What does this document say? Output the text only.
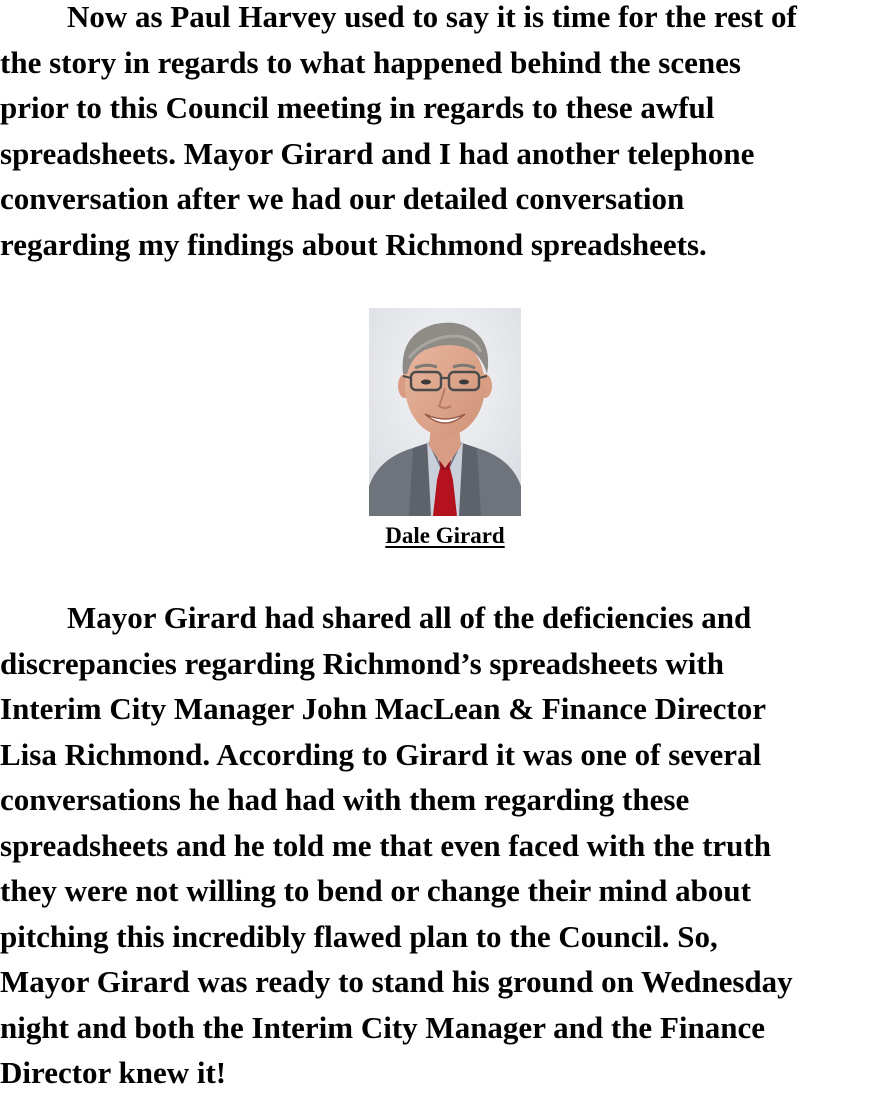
Now as Paul Harvey used to say it is time for the rest of
the story in regards to what happened behind the scenes
prior to this Council meeting in regards to these awful
spreadsheets. Mayor Girard and I had another telephone
conversation after we had our detailed conversation
regarding my findings about Richmond spreadsheets.

Dale Girard

Mayor Girard had shared all of the deficiencies and
discrepancies regarding Richmond’s spreadsheets with
Interim City Manager John MacLean & Finance Director
Lisa Richmond. According to Girard it was one of several
conversations he had had with them regarding these
spreadsheets and he told me that even faced with the truth
they were not willing to bend or change their mind about
pitching this incredibly flawed plan to the Council. So,
Mayor Girard was ready to stand his ground on Wednesday
night and both the Interim City Manager and the Finance
Director knew it!
